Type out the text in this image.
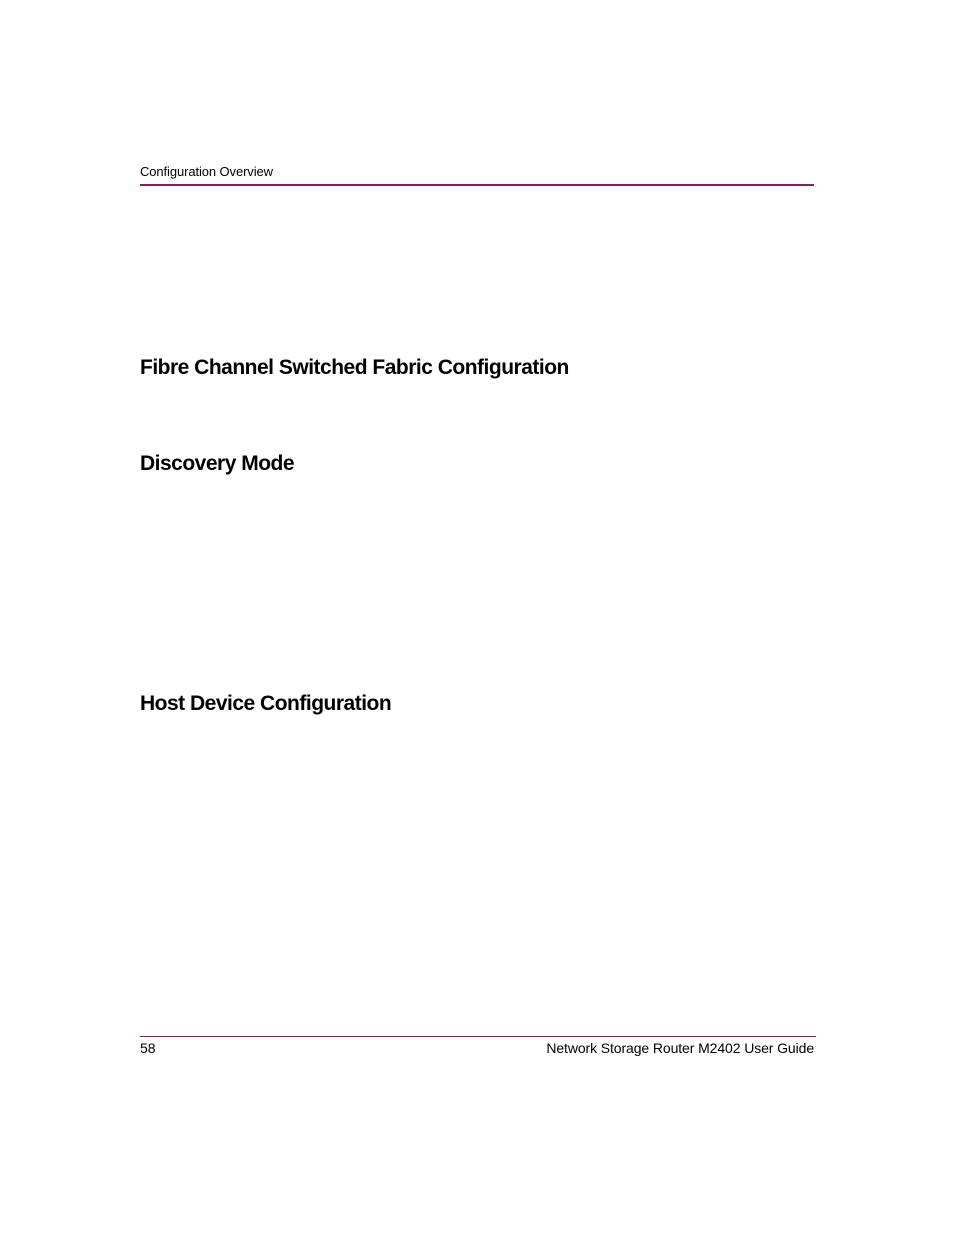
Configuration Overview
Fibre Channel Switched Fabric Configuration
Discovery Mode
Host Device Configuration
58	Network Storage Router M2402 User Guide
